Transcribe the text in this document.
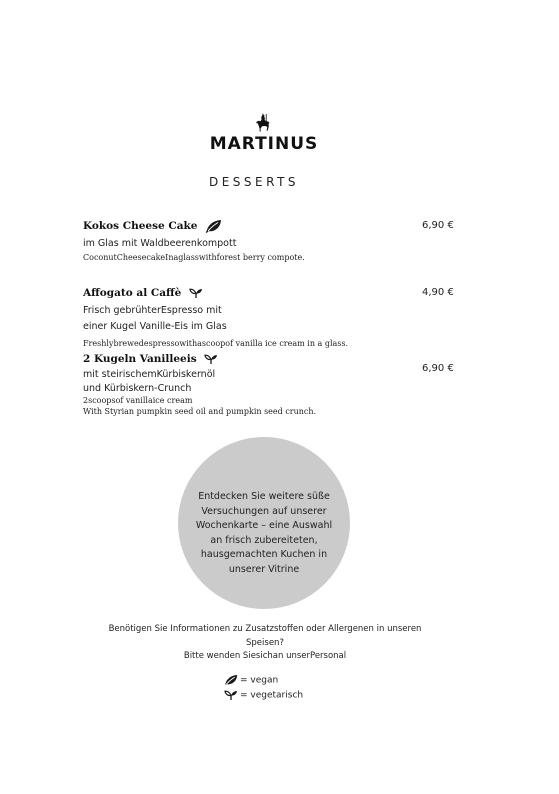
MARTINUS
DESSERTS
Kokos Cheese Cake	6,90 €
im Glas mit Waldbeerenkompott
CoconutCheesecakeInaglasswithforest berry compote.
Affogato al Caffè	4,90 €
Frisch gebrühterEspresso mit
einer Kugel Vanille-Eis im Glas
Freshlybrewedespressowithascoopof vanilla ice cream in a glass.
2 Kugeln Vanilleeis
6,90 €
mit steirischemKürbiskernöl
und Kürbiskern-Crunch
2scoopsof vanillaice cream
With Styrian pumpkin seed oil and pumpkin seed crunch.
Entdecken Sie weitere süße
Versuchungen auf unserer
Wochenkarte – eine Auswahl
an frisch zubereiteten,
hausgemachten Kuchen in
unserer Vitrine
Benötigen Sie Informationen zu Zusatzstoffen oder Allergenen in unseren
Speisen?
Bitte wenden Siesichan unserPersonal
= vegan
= vegetarisch
